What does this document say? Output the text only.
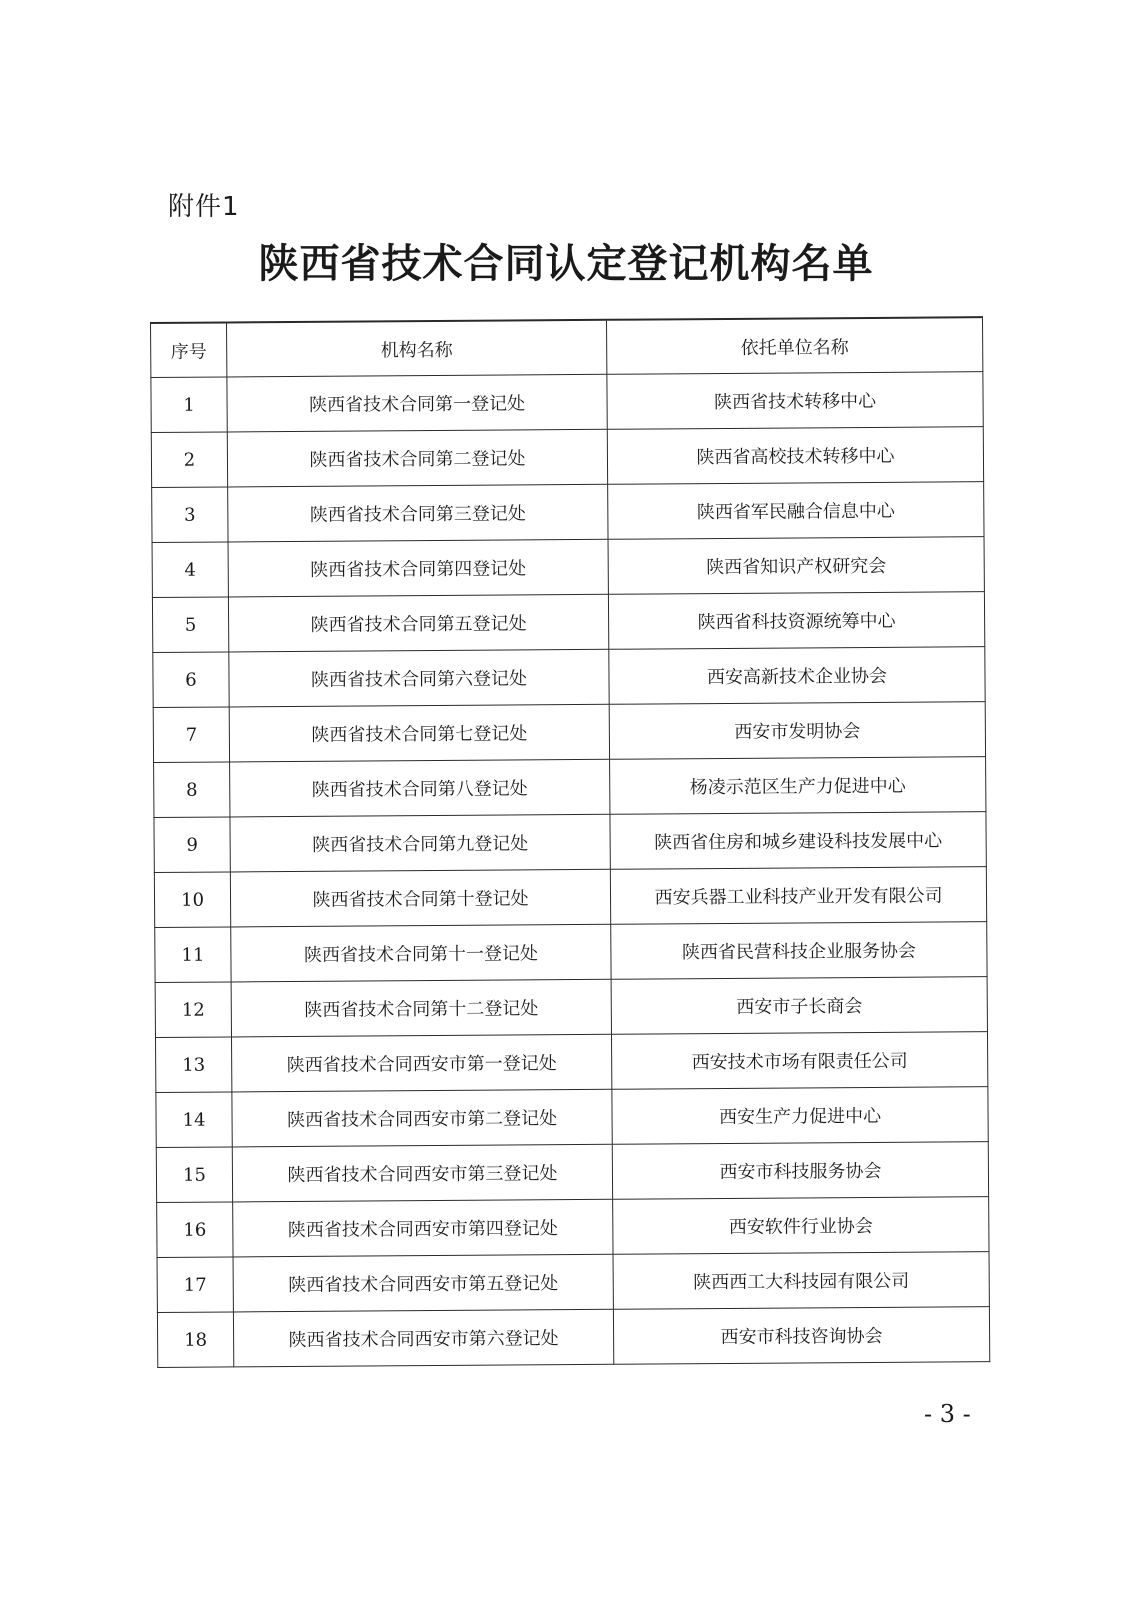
附件1
陕西省技术合同认定登记机构名单
序号	机构名称	依托单位名称
1	陕西省技术合同第一登记处	陕西省技术转移中心
2	陕西省技术合同第二登记处	陕西省高校技术转移中心
3	陕西省技术合同第三登记处	陕西省军民融合信息中心
4	陕西省技术合同第四登记处	陕西省知识产权研究会
5	陕西省技术合同第五登记处	陕西省科技资源统筹中心
6	陕西省技术合同第六登记处	西安高新技术企业协会
7	陕西省技术合同第七登记处	西安市发明协会
8	陕西省技术合同第八登记处	杨凌示范区生产力促进中心
9	陕西省技术合同第九登记处	陕西省住房和城乡建设科技发展中心
10	陕西省技术合同第十登记处	西安兵器工业科技产业开发有限公司
11	陕西省技术合同第十一登记处	陕西省民营科技企业服务协会
12	陕西省技术合同第十二登记处	西安市子长商会
13	陕西省技术合同西安市第一登记处	西安技术市场有限责任公司
14	陕西省技术合同西安市第二登记处	西安生产力促进中心
15	陕西省技术合同西安市第三登记处	西安市科技服务协会
16	陕西省技术合同西安市第四登记处	西安软件行业协会
17	陕西省技术合同西安市第五登记处	陕西西工大科技园有限公司
18	陕西省技术合同西安市第六登记处	西安市科技咨询协会
- 3 -
